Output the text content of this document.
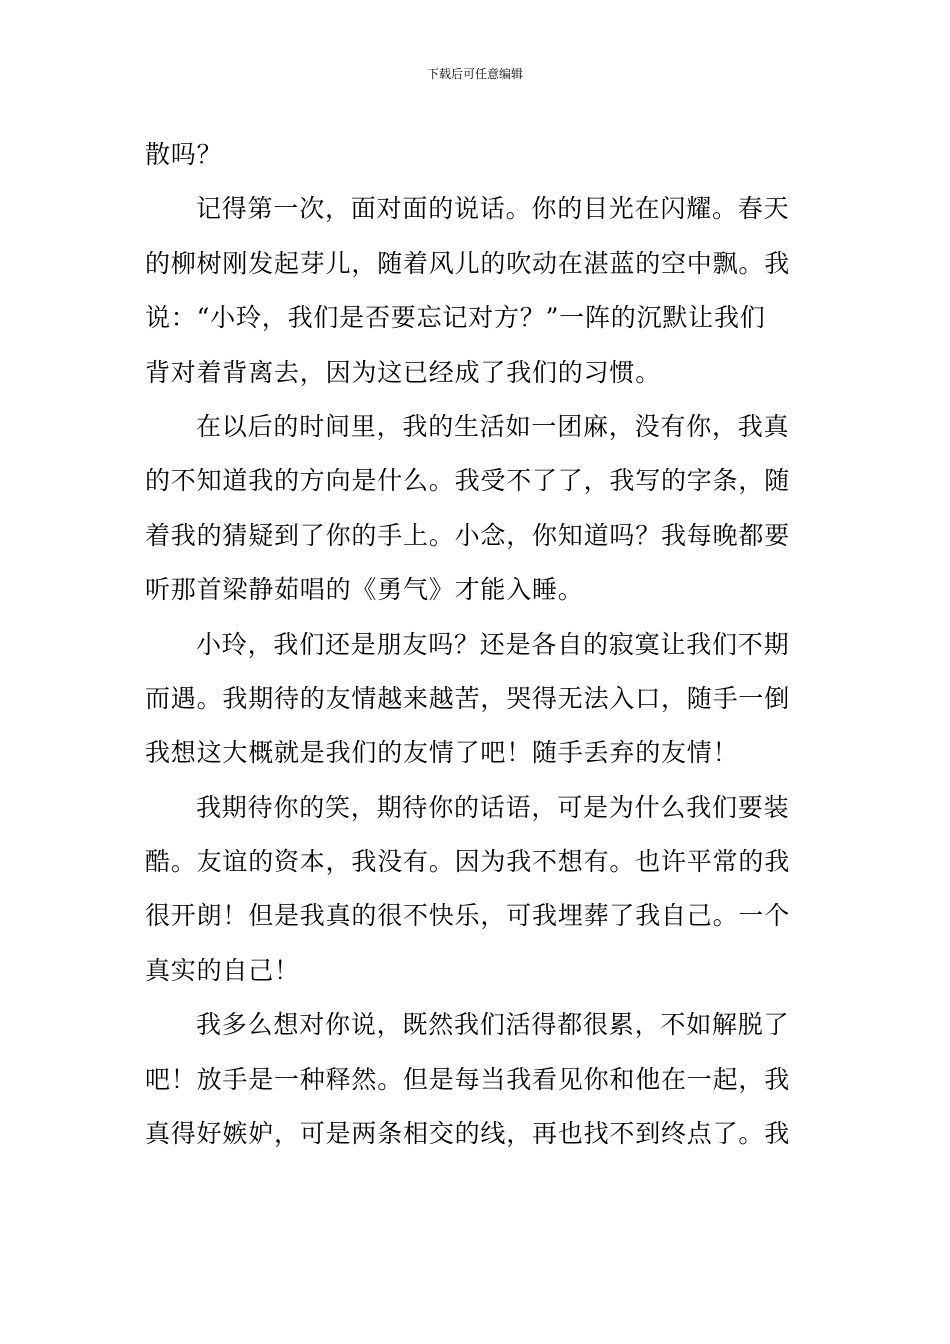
下载后可任意编辑
散吗？
记得第一次，面对面的说话。你的目光在闪耀。春天
的柳树刚发起芽儿，随着风儿的吹动在湛蓝的空中飘。我
说：“小玲，我们是否要忘记对方？”一阵的沉默让我们
背对着背离去，因为这已经成了我们的习惯。
在以后的时间里，我的生活如一团麻，没有你，我真
的不知道我的方向是什么。我受不了了，我写的字条，随
着我的猜疑到了你的手上。小念，你知道吗？我每晚都要
听那首梁静茹唱的《勇气》才能入睡。
小玲，我们还是朋友吗？还是各自的寂寞让我们不期
而遇。我期待的友情越来越苦，哭得无法入口，随手一倒
我想这大概就是我们的友情了吧！随手丢弃的友情！
我期待你的笑，期待你的话语，可是为什么我们要装
酷。友谊的资本，我没有。因为我不想有。也许平常的我
很开朗！但是我真的很不快乐，可我埋葬了我自己。一个
真实的自己！
我多么想对你说，既然我们活得都很累，不如解脱了
吧！放手是一种释然。但是每当我看见你和他在一起，我
真得好嫉妒，可是两条相交的线，再也找不到终点了。我
